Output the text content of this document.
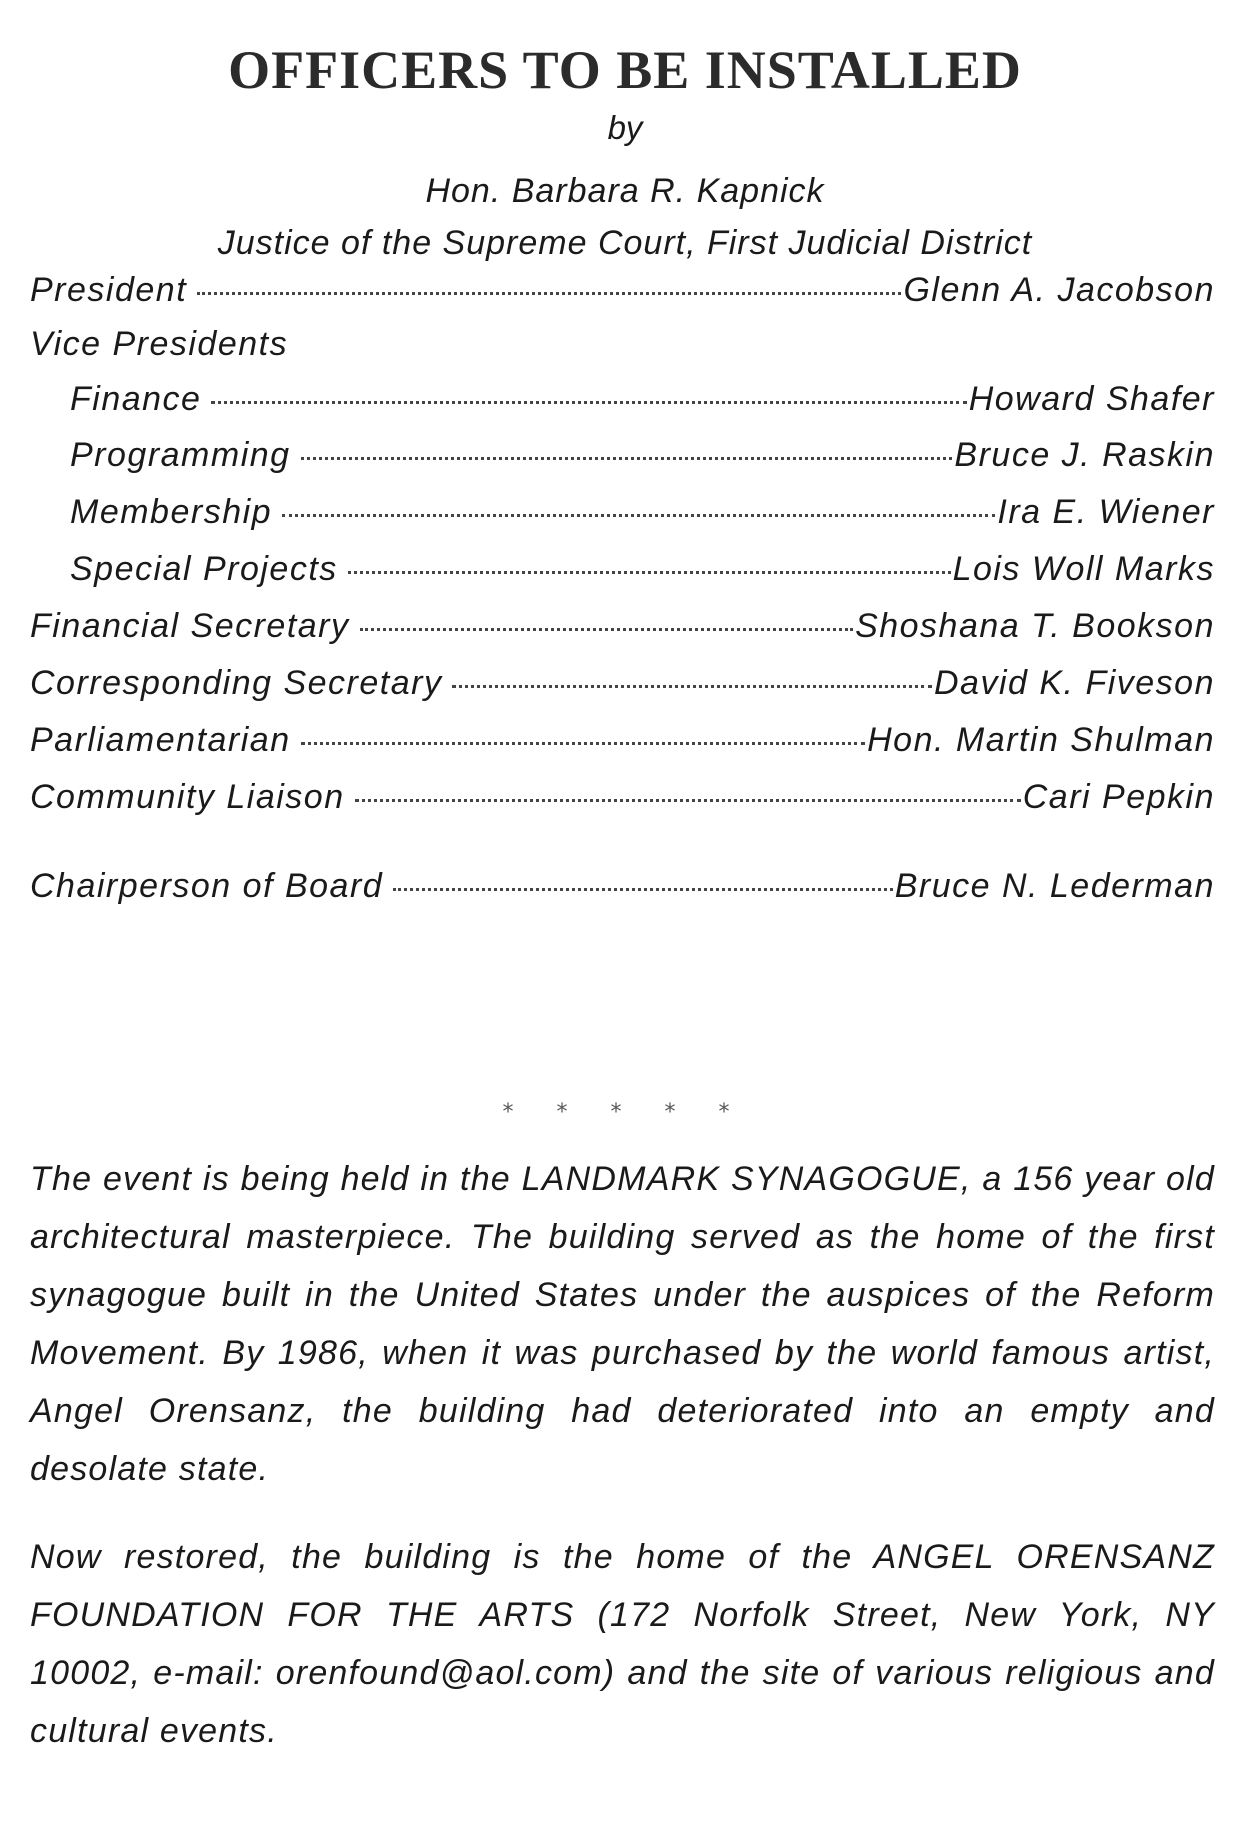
OFFICERS TO BE INSTALLED
by
Hon. Barbara R. Kapnick
Justice of the Supreme Court, First Judicial District
President	Glenn A. Jacobson
Vice Presidents
Finance	Howard Shafer
Programming	Bruce J. Raskin
Membership	Ira E. Wiener
Special Projects	Lois Woll Marks
Financial Secretary	Shoshana T. Bookson
Corresponding Secretary	David K. Fiveson
Parliamentarian	Hon. Martin Shulman
Community Liaison	Cari Pepkin
Chairperson of Board	Bruce N. Lederman
* * * * *

The event is being held in the LANDMARK SYNAGOGUE, a 156 year old architectural masterpiece. The building served as the home of the first synagogue built in the United States under the auspices of the Reform Movement. By 1986, when it was purchased by the world famous artist, Angel Orensanz, the building had deteriorated into an empty and desolate state.

Now restored, the building is the home of the ANGEL ORENSANZ FOUNDATION FOR THE ARTS (172 Norfolk Street, New York, NY 10002, e-mail: orenfound@aol.com) and the site of various religious and cultural events.
